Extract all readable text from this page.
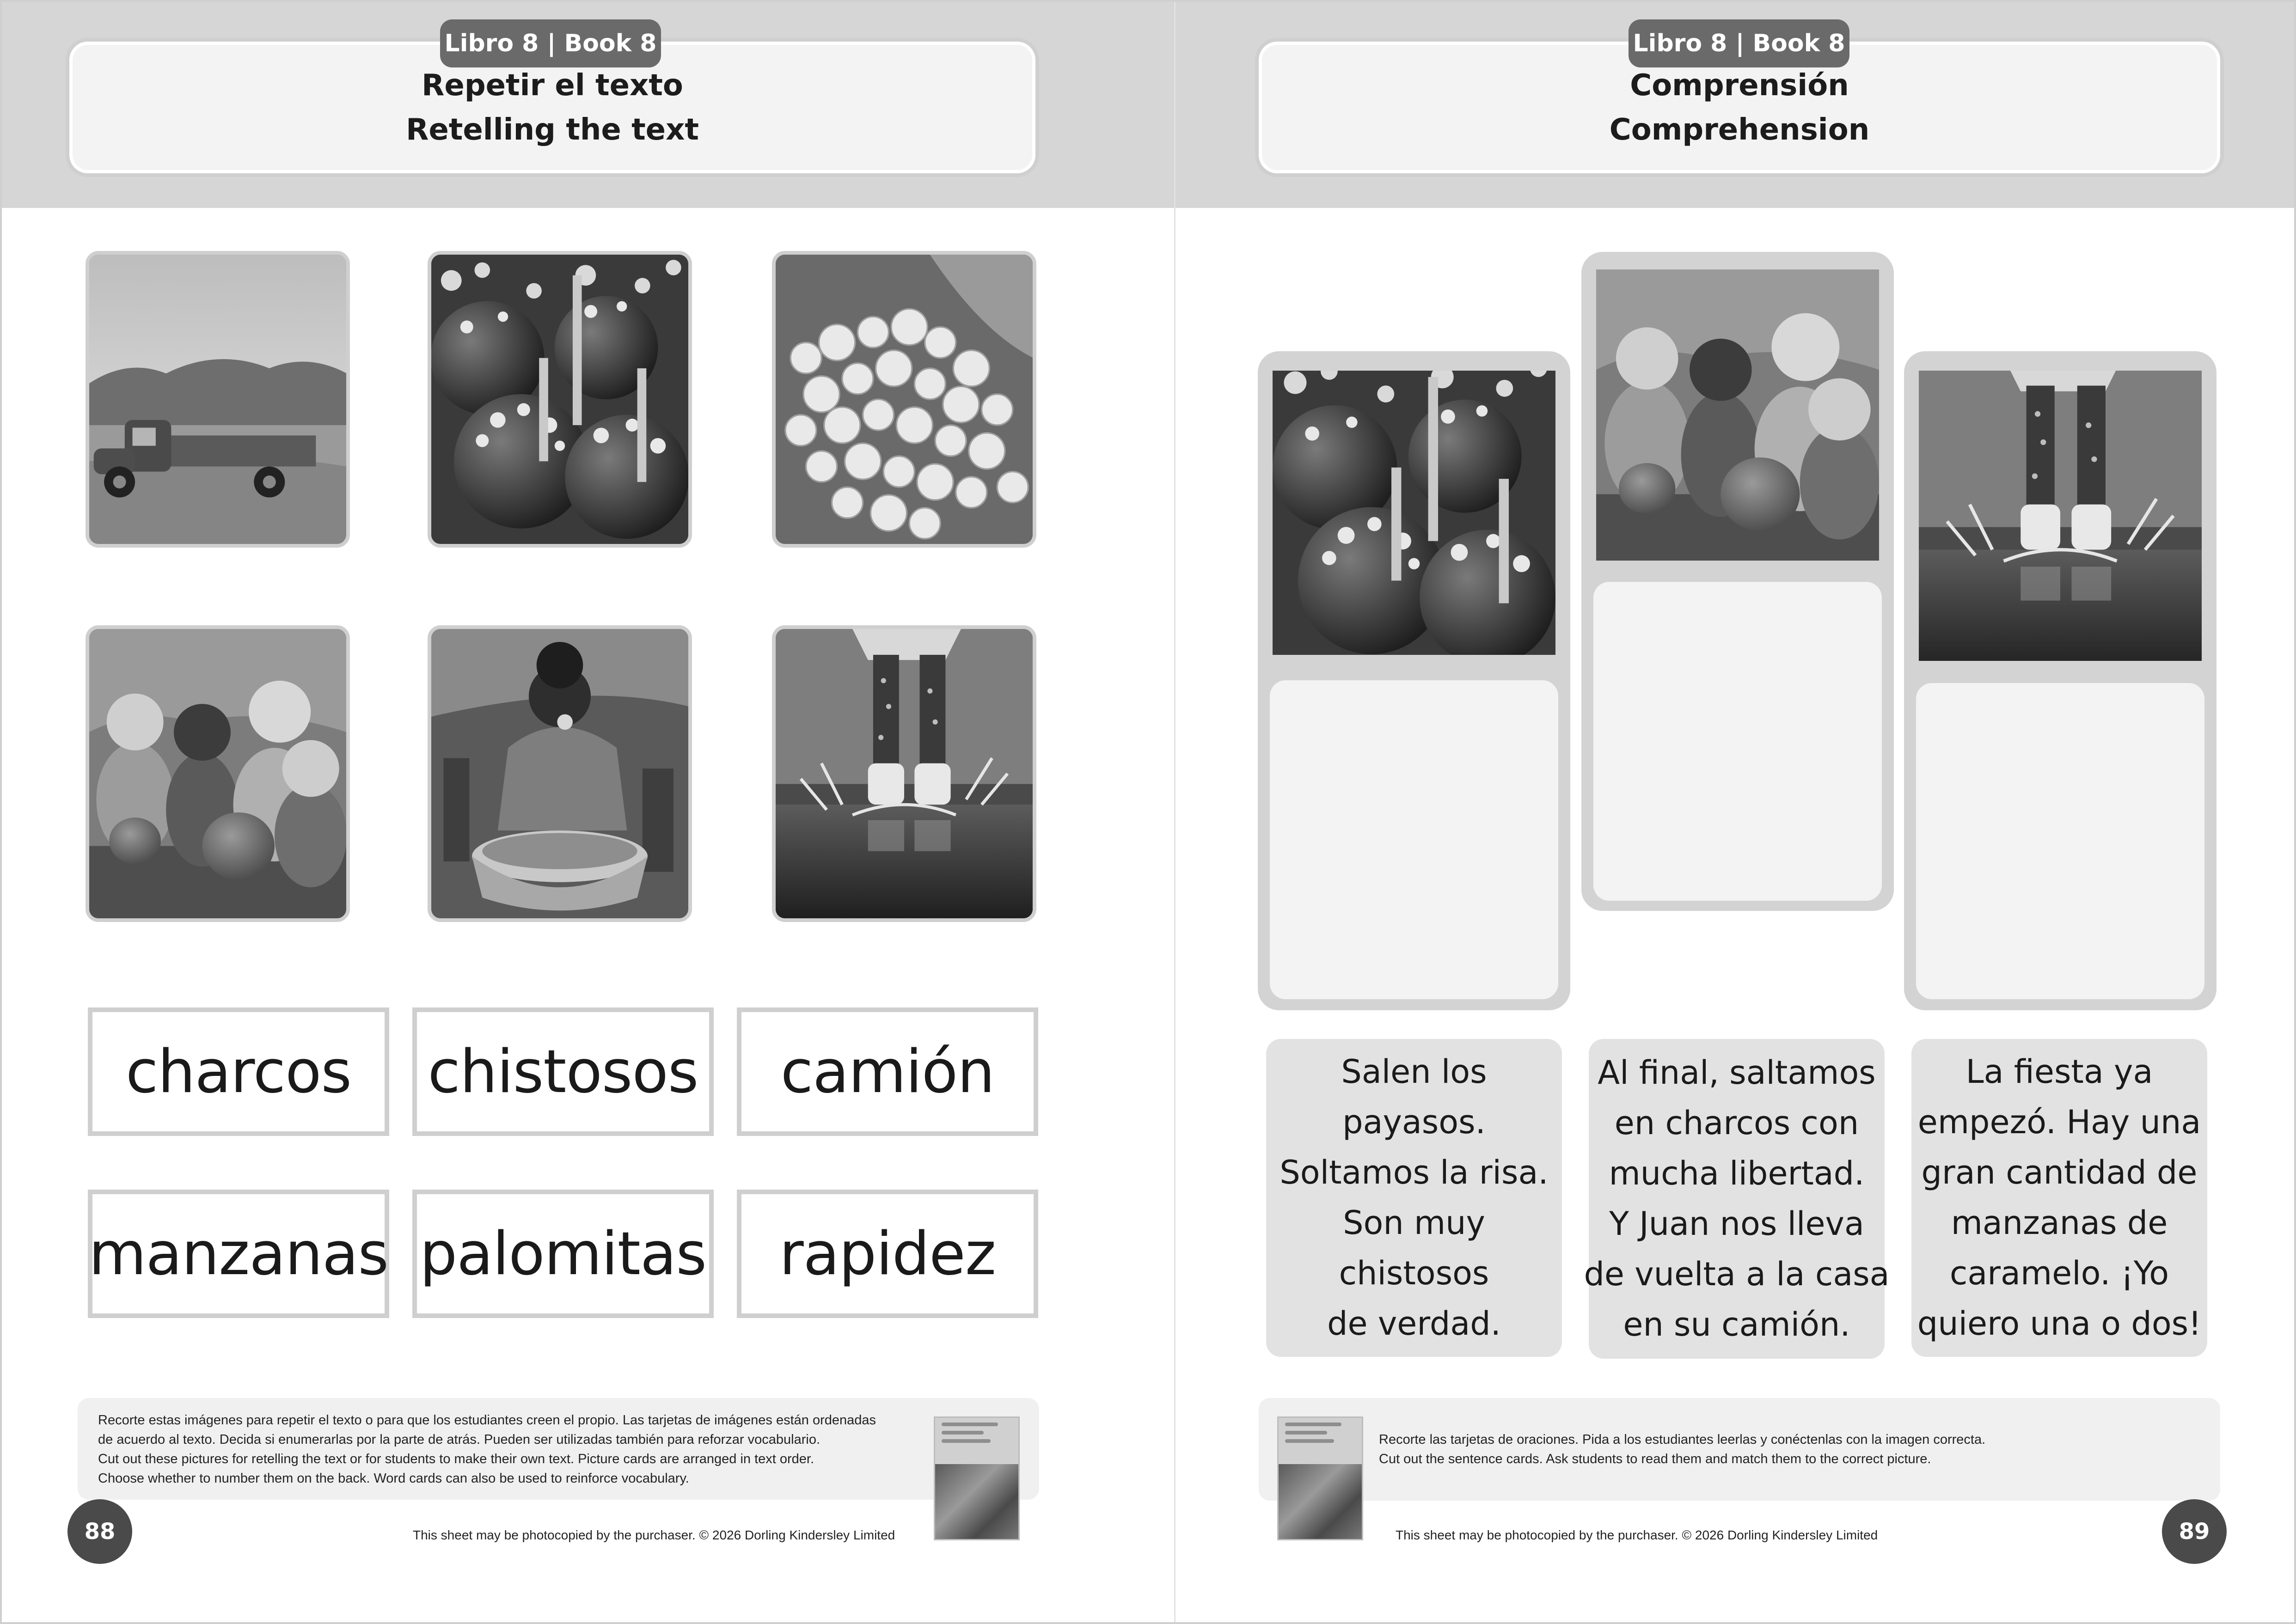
Repetir el texto
Retelling the text
Libro 8 | Book 8
charcos chistosos camión
manzanas palomitas rapidez
Recorte estas imágenes para repetir el texto o para que los estudiantes creen el propio. Las tarjetas de imágenes están ordenadas
de acuerdo al texto. Decida si enumerarlas por la parte de atrás. Pueden ser utilizadas también para reforzar vocabulario.
Cut out these pictures for retelling the text or for students to make their own text. Picture cards are arranged in text order.
Choose whether to number them on the back. Word cards can also be used to reinforce vocabulary.
88	This sheet may be photocopied by the purchaser. © 2026 Dorling Kindersley Limited
Comprensión
Comprehension
Libro 8 | Book 8

Salen los

payasos.

Soltamos la risa.

Son muy

chistosos

de verdad.

Al final, saltamos

en charcos con

mucha libertad.

Y Juan nos lleva

de vuelta a la casa

en su camión.

La fiesta ya

empezó. Hay una

gran cantidad de

manzanas de

caramelo. ¡Yo

quiero una o dos!

Recorte las tarjetas de oraciones. Pida a los estudiantes leerlas y conéctenlas con la imagen correcta.
Cut out the sentence cards. Ask students to read them and match them to the correct picture.
This sheet may be photocopied by the purchaser. © 2026 Dorling Kindersley Limited	89
